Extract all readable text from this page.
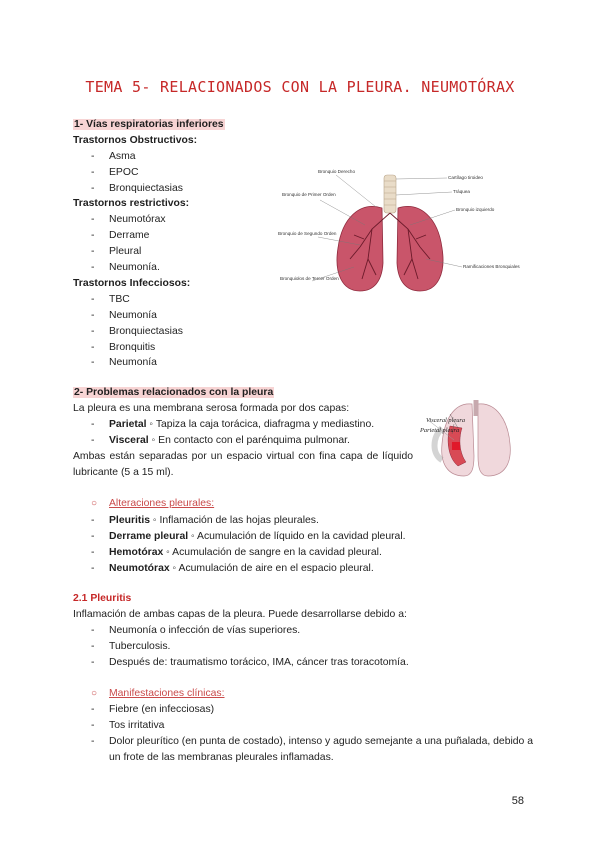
TEMA 5- RELACIONADOS CON LA PLEURA. NEUMOTÓRAX
1- Vías respiratorias inferiores
Trastornos Obstructivos:
- Asma
- EPOC
- Bronquiectasias
Trastornos restrictivos:
- Neumotórax
- Derrame
- Pleural
- Neumonía.
Trastornos Infecciosos:
- TBC
- Neumonía
- Bronquiectasias
- Bronquitis
- Neumonía
Bronquio Derecho
Cartílago tiroideo
Bronquio de Primer Orden
Tráquea
Bronquio izquierdo
Bronquio de Segundo Orden
Bronquiolos de Tercer Orden
Ramificaciones Bronquiales
2- Problemas relacionados con la pleura
La pleura es una membrana serosa formada por dos capas:
- Parietal ◦ Tapiza la caja torácica, diafragma y mediastino.
- Visceral ◦ En contacto con el parénquima pulmonar.
Ambas están separadas por un espacio virtual con fina capa de líquido lubricante (5 a 15 ml).
Visceral pleura
Parietal pleura
○ Alteraciones pleurales:
- Pleuritis ◦ Inflamación de las hojas pleurales.
- Derrame pleural ◦ Acumulación de líquido en la cavidad pleural.
- Hemotórax ◦ Acumulación de sangre en la cavidad pleural.
- Neumotórax ◦ Acumulación de aire en el espacio pleural.
2.1 Pleuritis
Inflamación de ambas capas de la pleura. Puede desarrollarse debido a:
- Neumonía o infección de vías superiores.
- Tuberculosis.
- Después de: traumatismo torácico, IMA, cáncer tras toracotomía.
○ Manifestaciones clínicas:
- Fiebre (en infecciosas)
- Tos irritativa
- Dolor pleurítico (en punta de costado), intenso y agudo semejante a una puñalada, debido a
un frote de las membranas pleurales inflamadas.
58
